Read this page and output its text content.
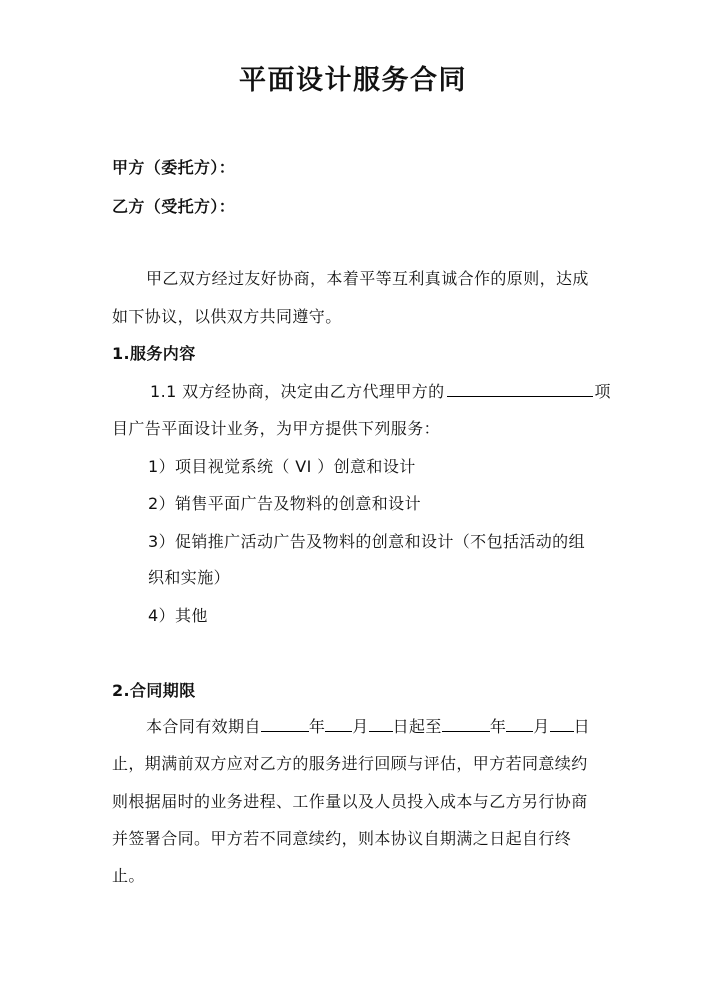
平面设计服务合同
甲方（委托方）：
乙方（受托方）：
甲乙双方经过友好协商，本着平等互利真诚合作的原则，达成
如下协议，以供双方共同遵守。
1.服务内容
1.1 双方经协商，决定由乙方代理甲方的	项
目广告平面设计业务，为甲方提供下列服务：
1）项目视觉系统（ VI ）创意和设计
2）销售平面广告及物料的创意和设计
3）促销推广活动广告及物料的创意和设计（不包括活动的组
织和实施）
4）其他
2.合同期限
本合同有效期自	年 月 日起至	年 月 日
止，期满前双方应对乙方的服务进行回顾与评估，甲方若同意续约
则根据届时的业务进程、工作量以及人员投入成本与乙方另行协商
并签署合同。甲方若不同意续约，则本协议自期满之日起自行终
止。
